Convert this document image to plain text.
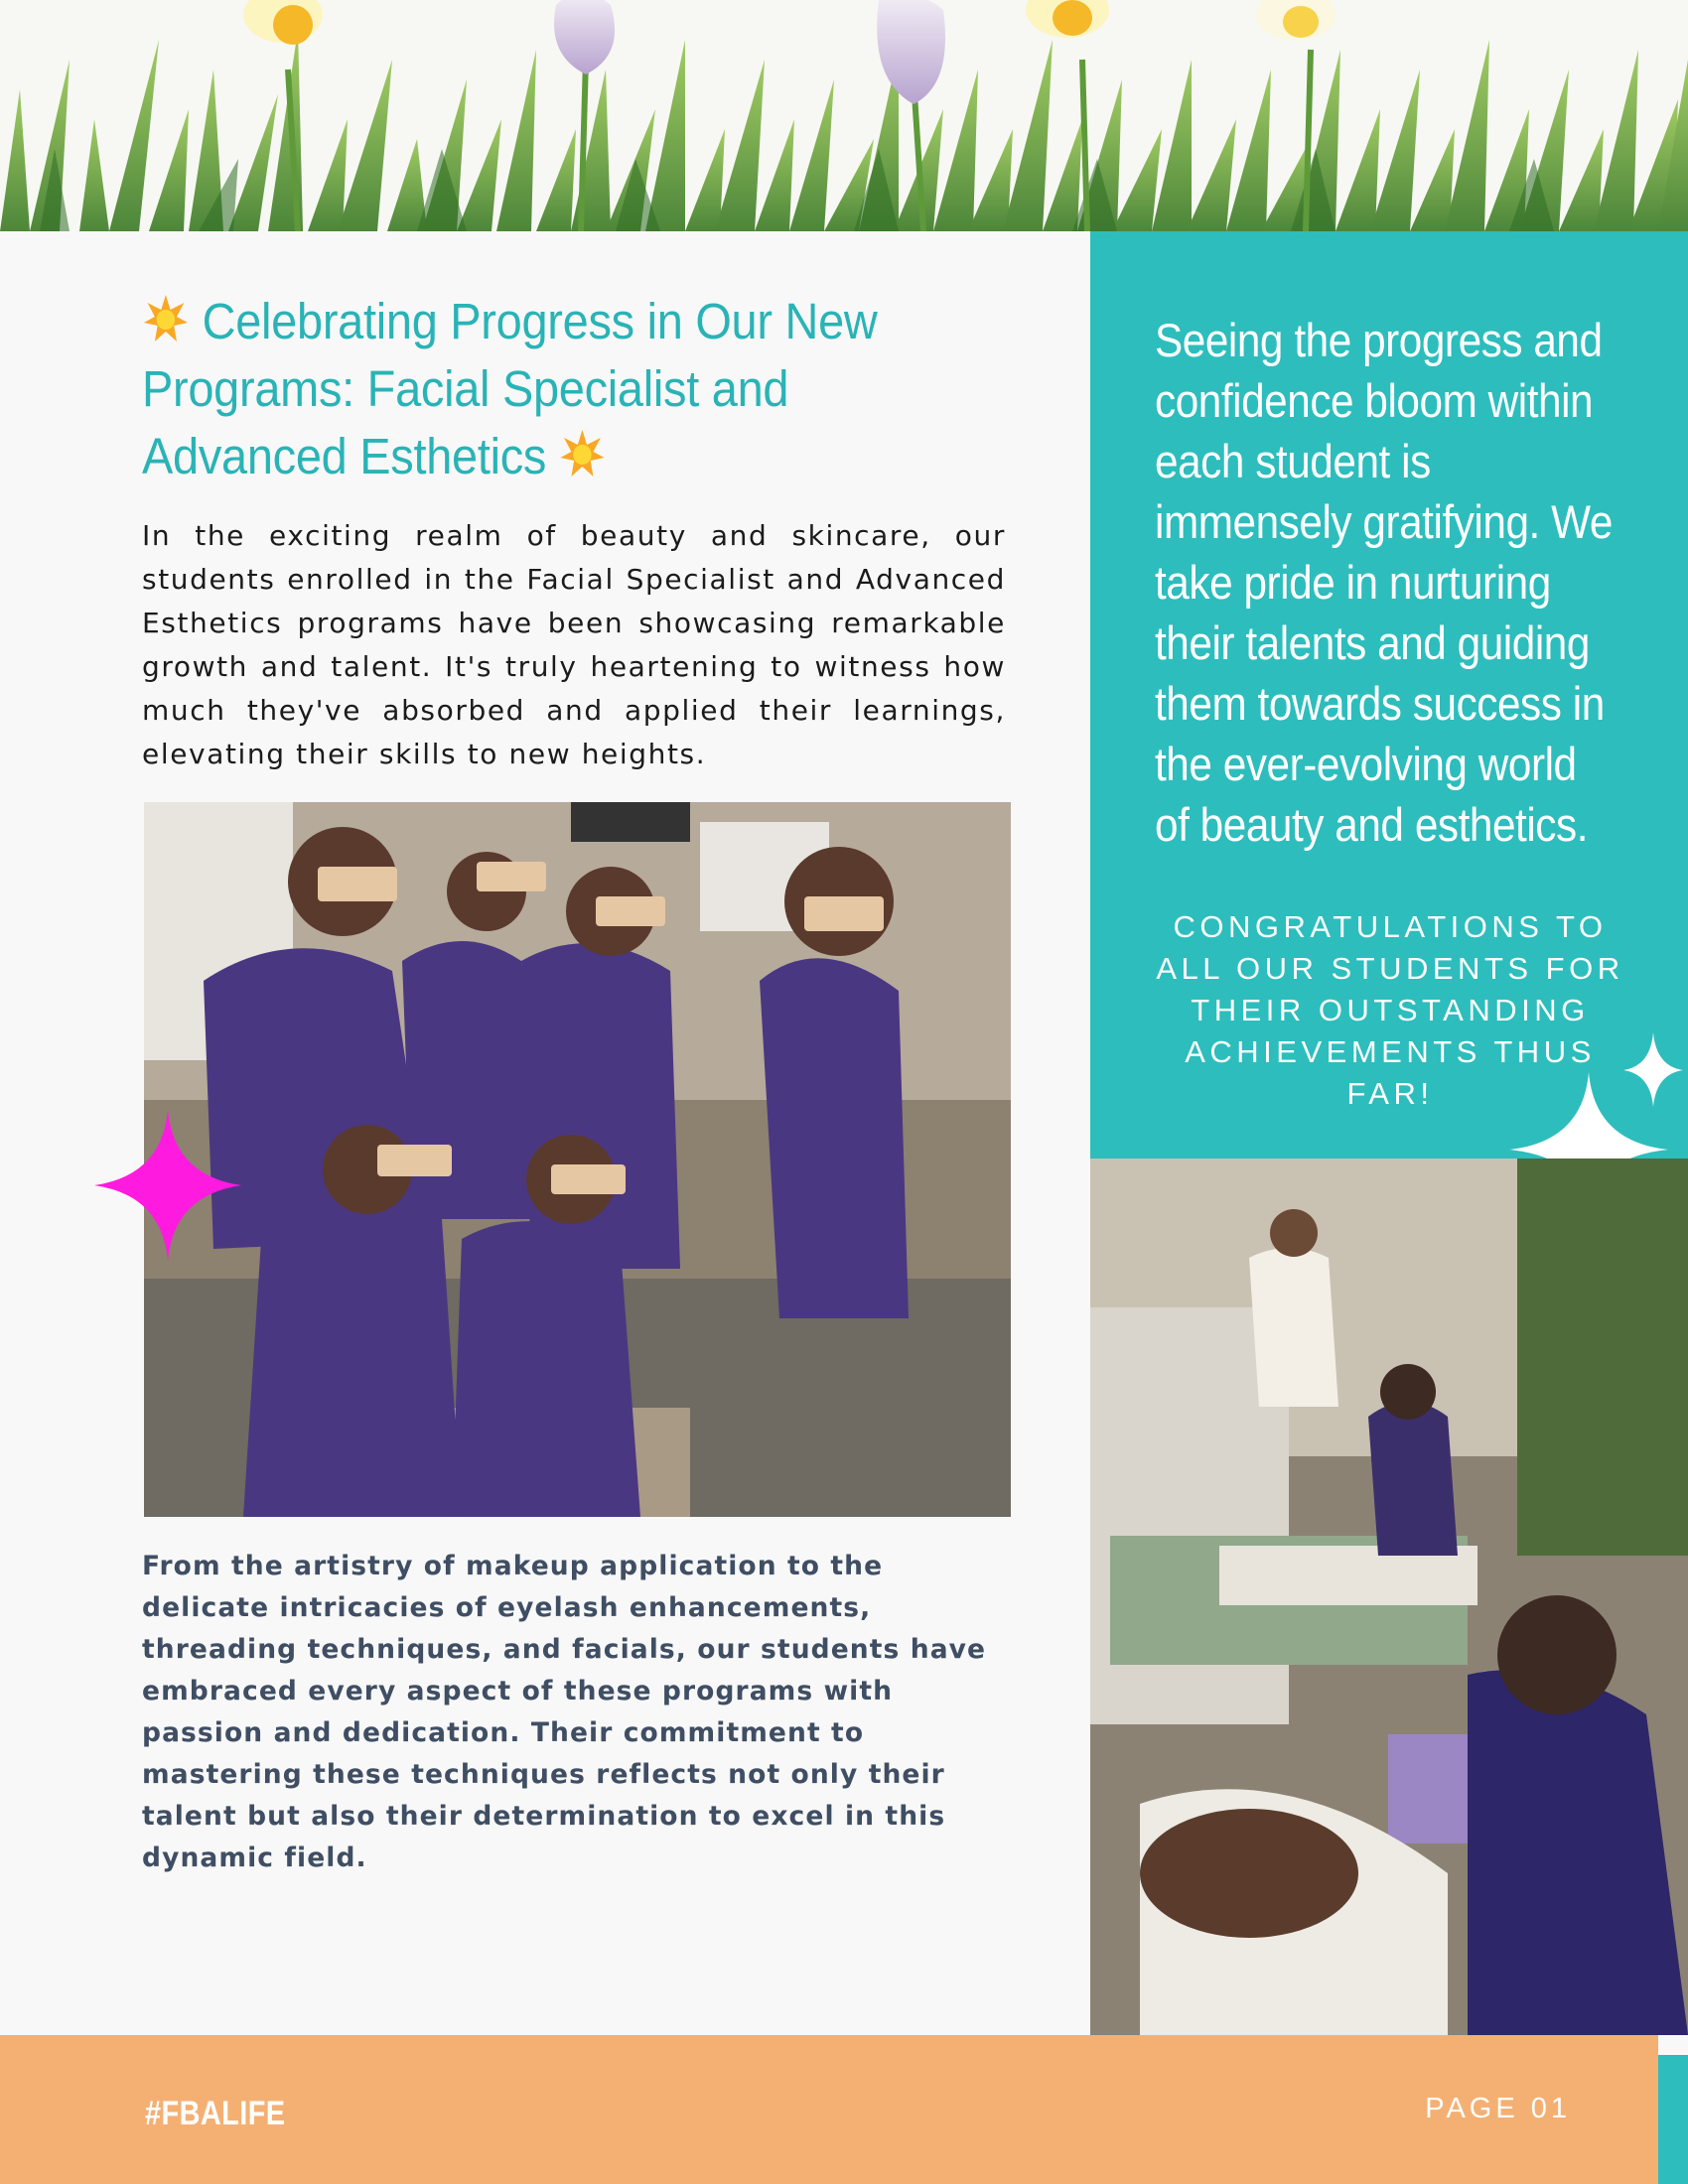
Celebrating Progress in Our New Programs: Facial Specialist and Advanced Esthetics

In the exciting realm of beauty and skincare, our students enrolled in the Facial Specialist and Advanced Esthetics programs have been showcasing remarkable growth and talent. It's truly heartening to witness how much they've absorbed and applied their learnings, elevating their skills to new heights.

From the artistry of makeup application to the delicate intricacies of eyelash enhancements, threading techniques, and facials, our students have embraced every aspect of these programs with passion and dedication. Their commitment to mastering these techniques reflects not only their talent but also their determination to excel in this dynamic field.

Seeing the progress and confidence bloom within each student is immensely gratifying. We take pride in nurturing their talents and guiding them towards success in the ever-evolving world of beauty and esthetics.

CONGRATULATIONS TO ALL OUR STUDENTS FOR THEIR OUTSTANDING ACHIEVEMENTS THUS FAR!

#FBALIFE	PAGE 01
